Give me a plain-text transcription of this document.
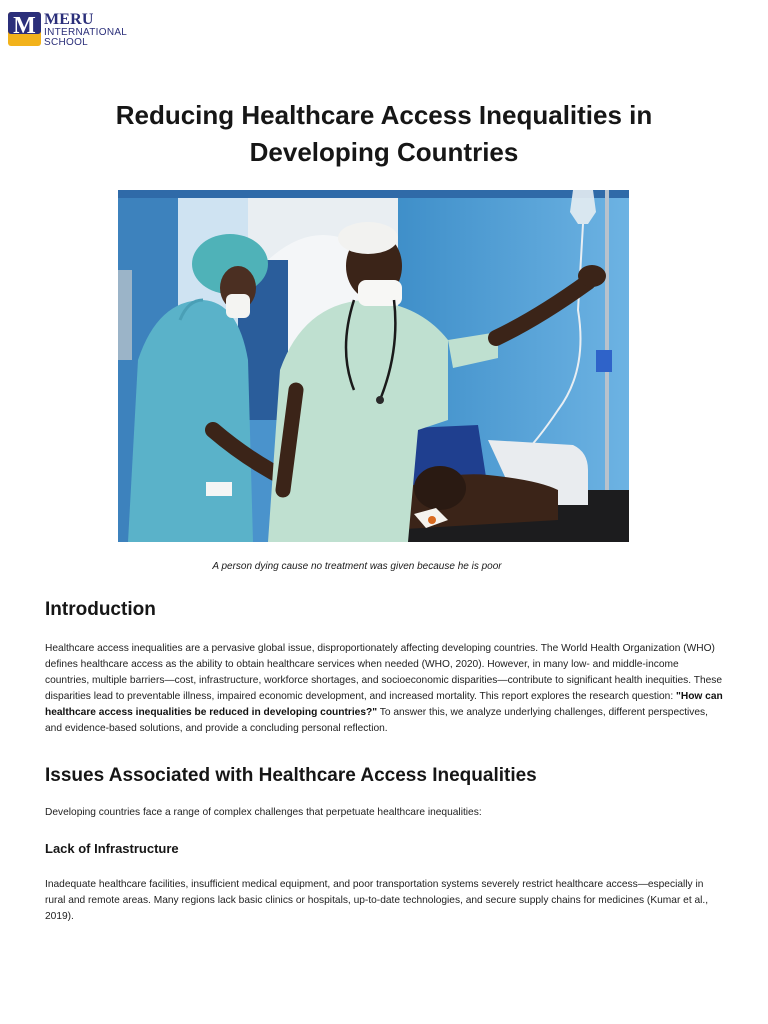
M MERU
INTERNATIONAL
SCHOOL
Reducing Healthcare Access Inequalities in Developing Countries
A person dying cause no treatment was given because he is poor
Introduction

Healthcare access inequalities are a pervasive global issue, disproportionately affecting developing countries. The World Health Organization (WHO) defines healthcare access as the ability to obtain healthcare services when needed (WHO, 2020). However, in many low- and middle-income countries, multiple barriers—cost, infrastructure, workforce shortages, and socioeconomic disparities—contribute to significant health inequities. These disparities lead to preventable illness, impaired economic development, and increased mortality. This report explores the research question: "How can healthcare access inequalities be reduced in developing countries?" To answer this, we analyze underlying challenges, different perspectives, and evidence-based solutions, and provide a concluding personal reflection.

Issues Associated with Healthcare Access Inequalities

Developing countries face a range of complex challenges that perpetuate healthcare inequalities:

Lack of Infrastructure

Inadequate healthcare facilities, insufficient medical equipment, and poor transportation systems severely restrict healthcare access—especially in rural and remote areas. Many regions lack basic clinics or hospitals, up-to-date technologies, and secure supply chains for medicines (Kumar et al., 2019).
